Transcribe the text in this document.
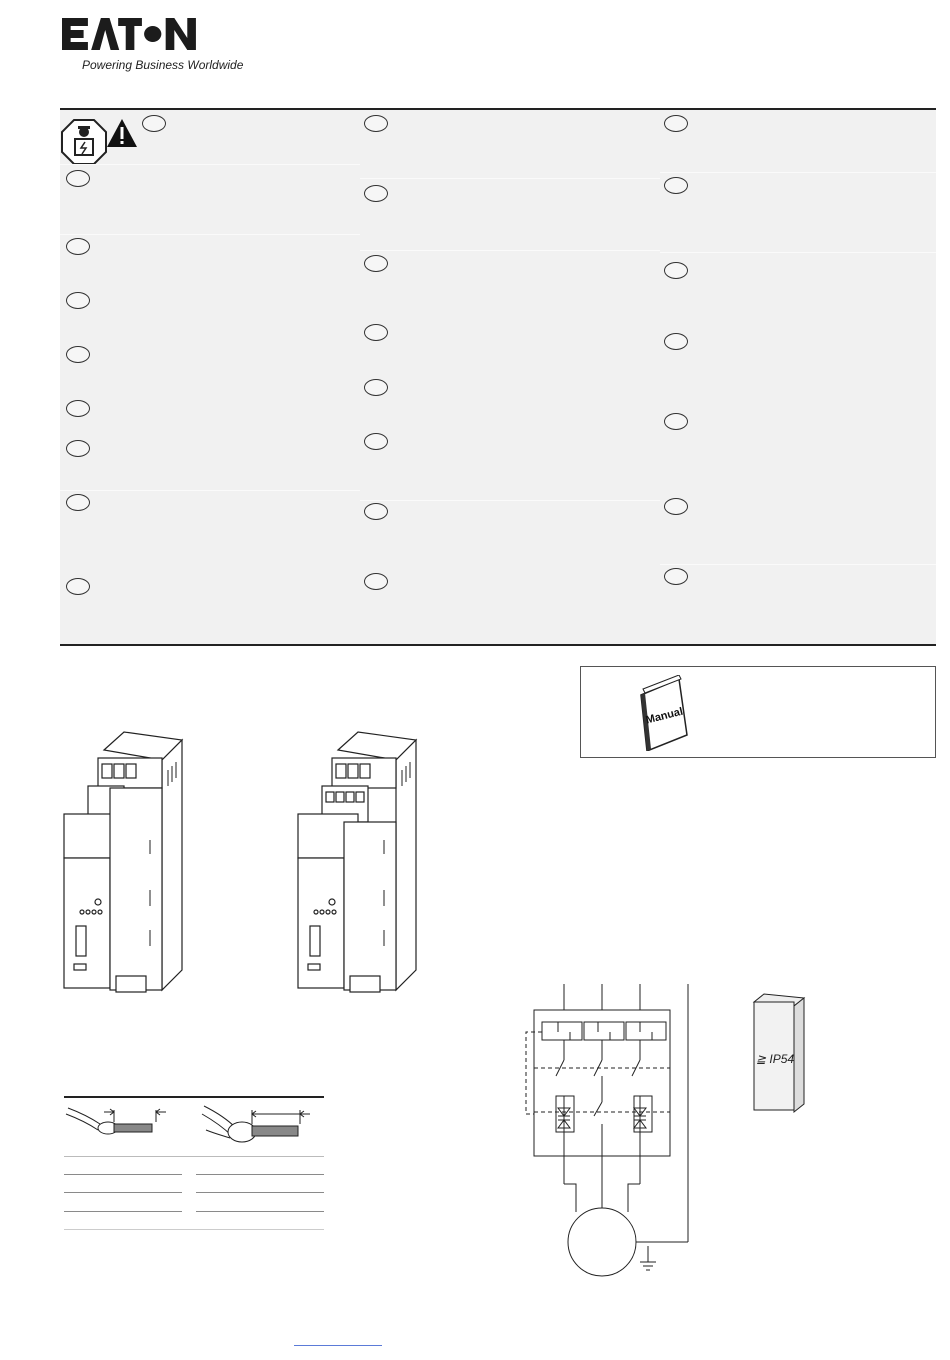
Powering Business Worldwide
Manual
≧ IP54
